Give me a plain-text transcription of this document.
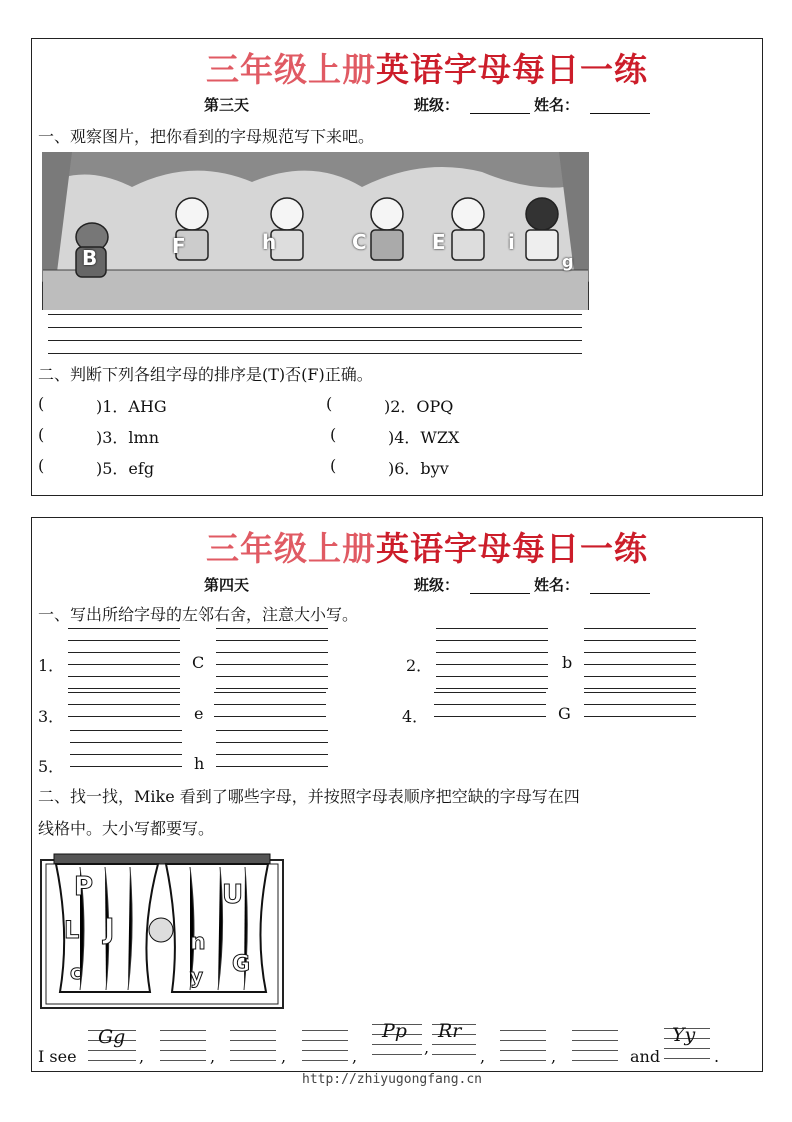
三年级上册英语字母每日一练
第三天	班级：	姓名：
一、观察图片，把你看到的字母规范写下来吧。
B	F	h	C	E	i
g
二、判断下列各组字母的排序是(T)否(F)正确。
(	)1．AHG	(	)2．OPQ
(	)3．lmn	(	)4．WZX
(	)5．efg	(	)6．byv
三年级上册英语字母每日一练
第四天	班级：	姓名：
一、写出所给字母的左邻右舍，注意大小写。
1．	C	2．	b
3．	e	4．	G
5．	h
二、找一找，Mike 看到了哪些字母，并按照字母表顺序把空缺的字母写在四
线格中。大小写都要写。
P	U
L J	n
G
c	y
I see
Gg
,	,	,	,
Pp
,
Rr
,	,	and
Yy
.
http://zhiyugongfang.cn
